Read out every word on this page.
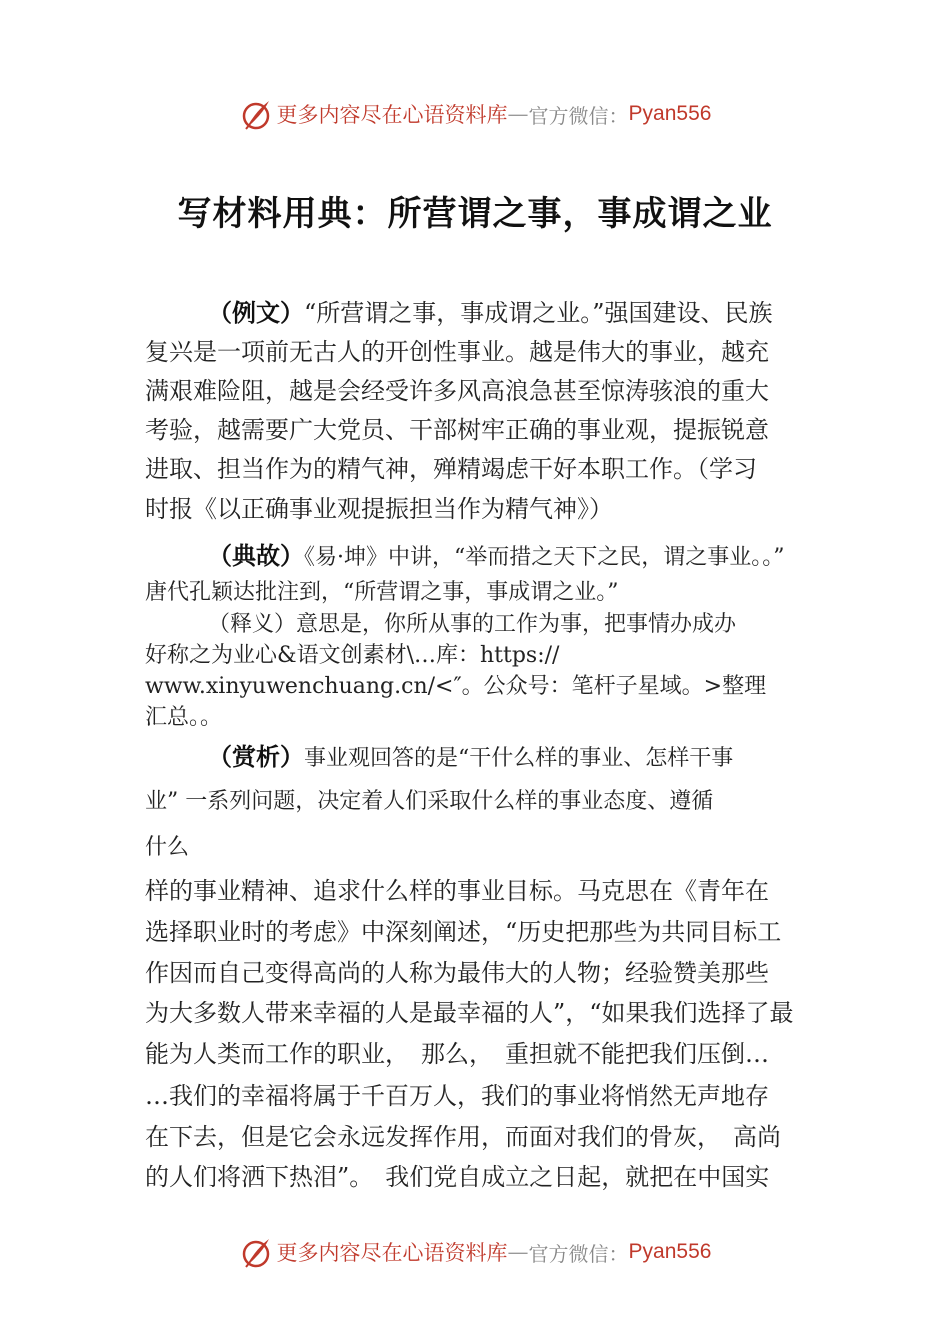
更多内容尽在心语资料库 — 官方微信： Pyan556
写材料用典：所营谓之事，事成谓之业
（例文）“所营谓之事，事成谓之业。”强国建设、民族
复兴是一项前无古人的开创性事业。越是伟大的事业，越充
满艰难险阻，越是会经受许多风高浪急甚至惊涛骇浪的重大
考验，越需要广大党员、干部树牢正确的事业观，提振锐意
进取、担当作为的精气神，殚精竭虑干好本职工作。（学习
时报《以正确事业观提振担当作为精气神》）
（典故）《易·坤》中讲，“举而措之天下之民，谓之事业。。”
唐代孔颖达批注到，“所营谓之事，事成谓之业。”
（释义）意思是，你所从事的工作为事，把事情办成办
好称之为业心&语文创素材\…库：https://
www.xinyuwenchuang.cn/<″。公众号：笔杆子星域。>整理
汇总。。
（赏析）事业观回答的是“干什么样的事业、怎样干事
业” 一系列问题，决定着人们采取什么样的事业态度、遵循
什么
样的事业精神、追求什么样的事业目标。马克思在《青年在
选择职业时的考虑》中深刻阐述，“历史把那些为共同目标工
作因而自己变得高尚的人称为最伟大的人物；经验赞美那些
为大多数人带来幸福的人是最幸福的人”，“如果我们选择了最
能为人类而工作的职业，　那么，　重担就不能把我们压倒…
…我们的幸福将属于千百万人，我们的事业将悄然无声地存
在下去，但是它会永远发挥作用，而面对我们的骨灰，　高尚
的人们将洒下热泪”。　我们党自成立之日起，就把在中国实
更多内容尽在心语资料库 — 官方微信： Pyan556
